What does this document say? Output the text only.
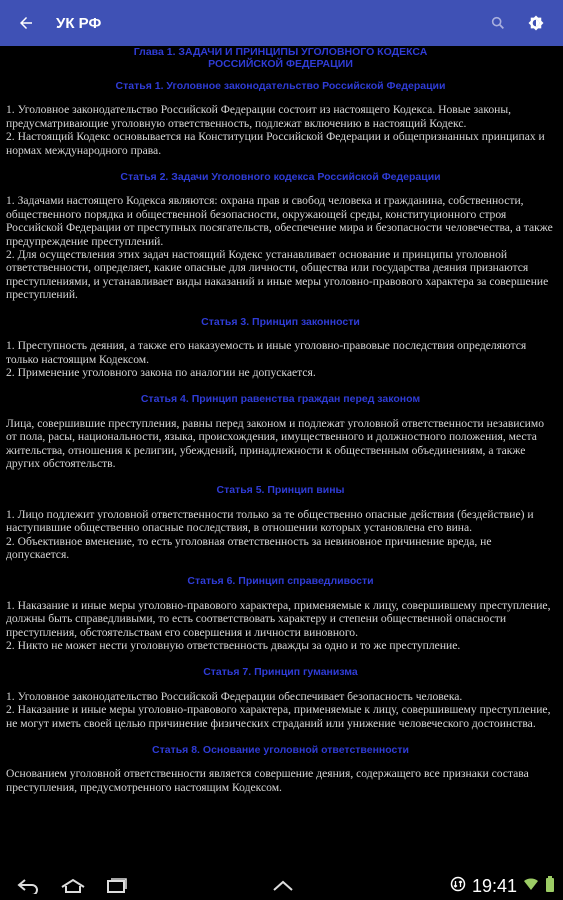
УК РФ
Глава 1. ЗАДАЧИ И ПРИНЦИПЫ УГОЛОВНОГО КОДЕКСА
РОССИЙСКОЙ ФЕДЕРАЦИИ
Статья 1. Уголовное законодательство Российской Федерации

1. Уголовное законодательство Российской Федерации состоит из настоящего Кодекса. Новые законы, предусматривающие уголовную ответственность, подлежат включению в настоящий Кодекс.
2. Настоящий Кодекс основывается на Конституции Российской Федерации и общепризнанных принципах и нормах международного права.

Статья 2. Задачи Уголовного кодекса Российской Федерации

1. Задачами настоящего Кодекса являются: охрана прав и свобод человека и гражданина, собственности, общественного порядка и общественной безопасности, окружающей среды, конституционного строя Российской Федерации от преступных посягательств, обеспечение мира и безопасности человечества, а также предупреждение преступлений.
2. Для осуществления этих задач настоящий Кодекс устанавливает основание и принципы уголовной ответственности, определяет, какие опасные для личности, общества или государства деяния признаются преступлениями, и устанавливает виды наказаний и иные меры уголовно-правового характера за совершение преступлений.

Статья 3. Принцип законности

1. Преступность деяния, а также его наказуемость и иные уголовно-правовые последствия определяются только настоящим Кодексом.
2. Применение уголовного закона по аналогии не допускается.

Статья 4. Принцип равенства граждан перед законом

Лица, совершившие преступления, равны перед законом и подлежат уголовной ответственности независимо от пола, расы, национальности, языка, происхождения, имущественного и должностного положения, места жительства, отношения к религии, убеждений, принадлежности к общественным объединениям, а также других обстоятельств.

Статья 5. Принцип вины

1. Лицо подлежит уголовной ответственности только за те общественно опасные действия (бездействие) и наступившие общественно опасные последствия, в отношении которых установлена его вина.
2. Объективное вменение, то есть уголовная ответственность за невиновное причинение вреда, не допускается.

Статья 6. Принцип справедливости

1. Наказание и иные меры уголовно-правового характера, применяемые к лицу, совершившему преступление, должны быть справедливыми, то есть соответствовать характеру и степени общественной опасности преступления, обстоятельствам его совершения и личности виновного.
2. Никто не может нести уголовную ответственность дважды за одно и то же преступление.

Статья 7. Принцип гуманизма

1. Уголовное законодательство Российской Федерации обеспечивает безопасность человека.
2. Наказание и иные меры уголовно-правового характера, применяемые к лицу, совершившему преступление, не могут иметь своей целью причинение физических страданий или унижение человеческого достоинства.

Статья 8. Основание уголовной ответственности

Основанием уголовной ответственности является совершение деяния, содержащего все признаки состава преступления, предусмотренного настоящим Кодексом.

19:41
